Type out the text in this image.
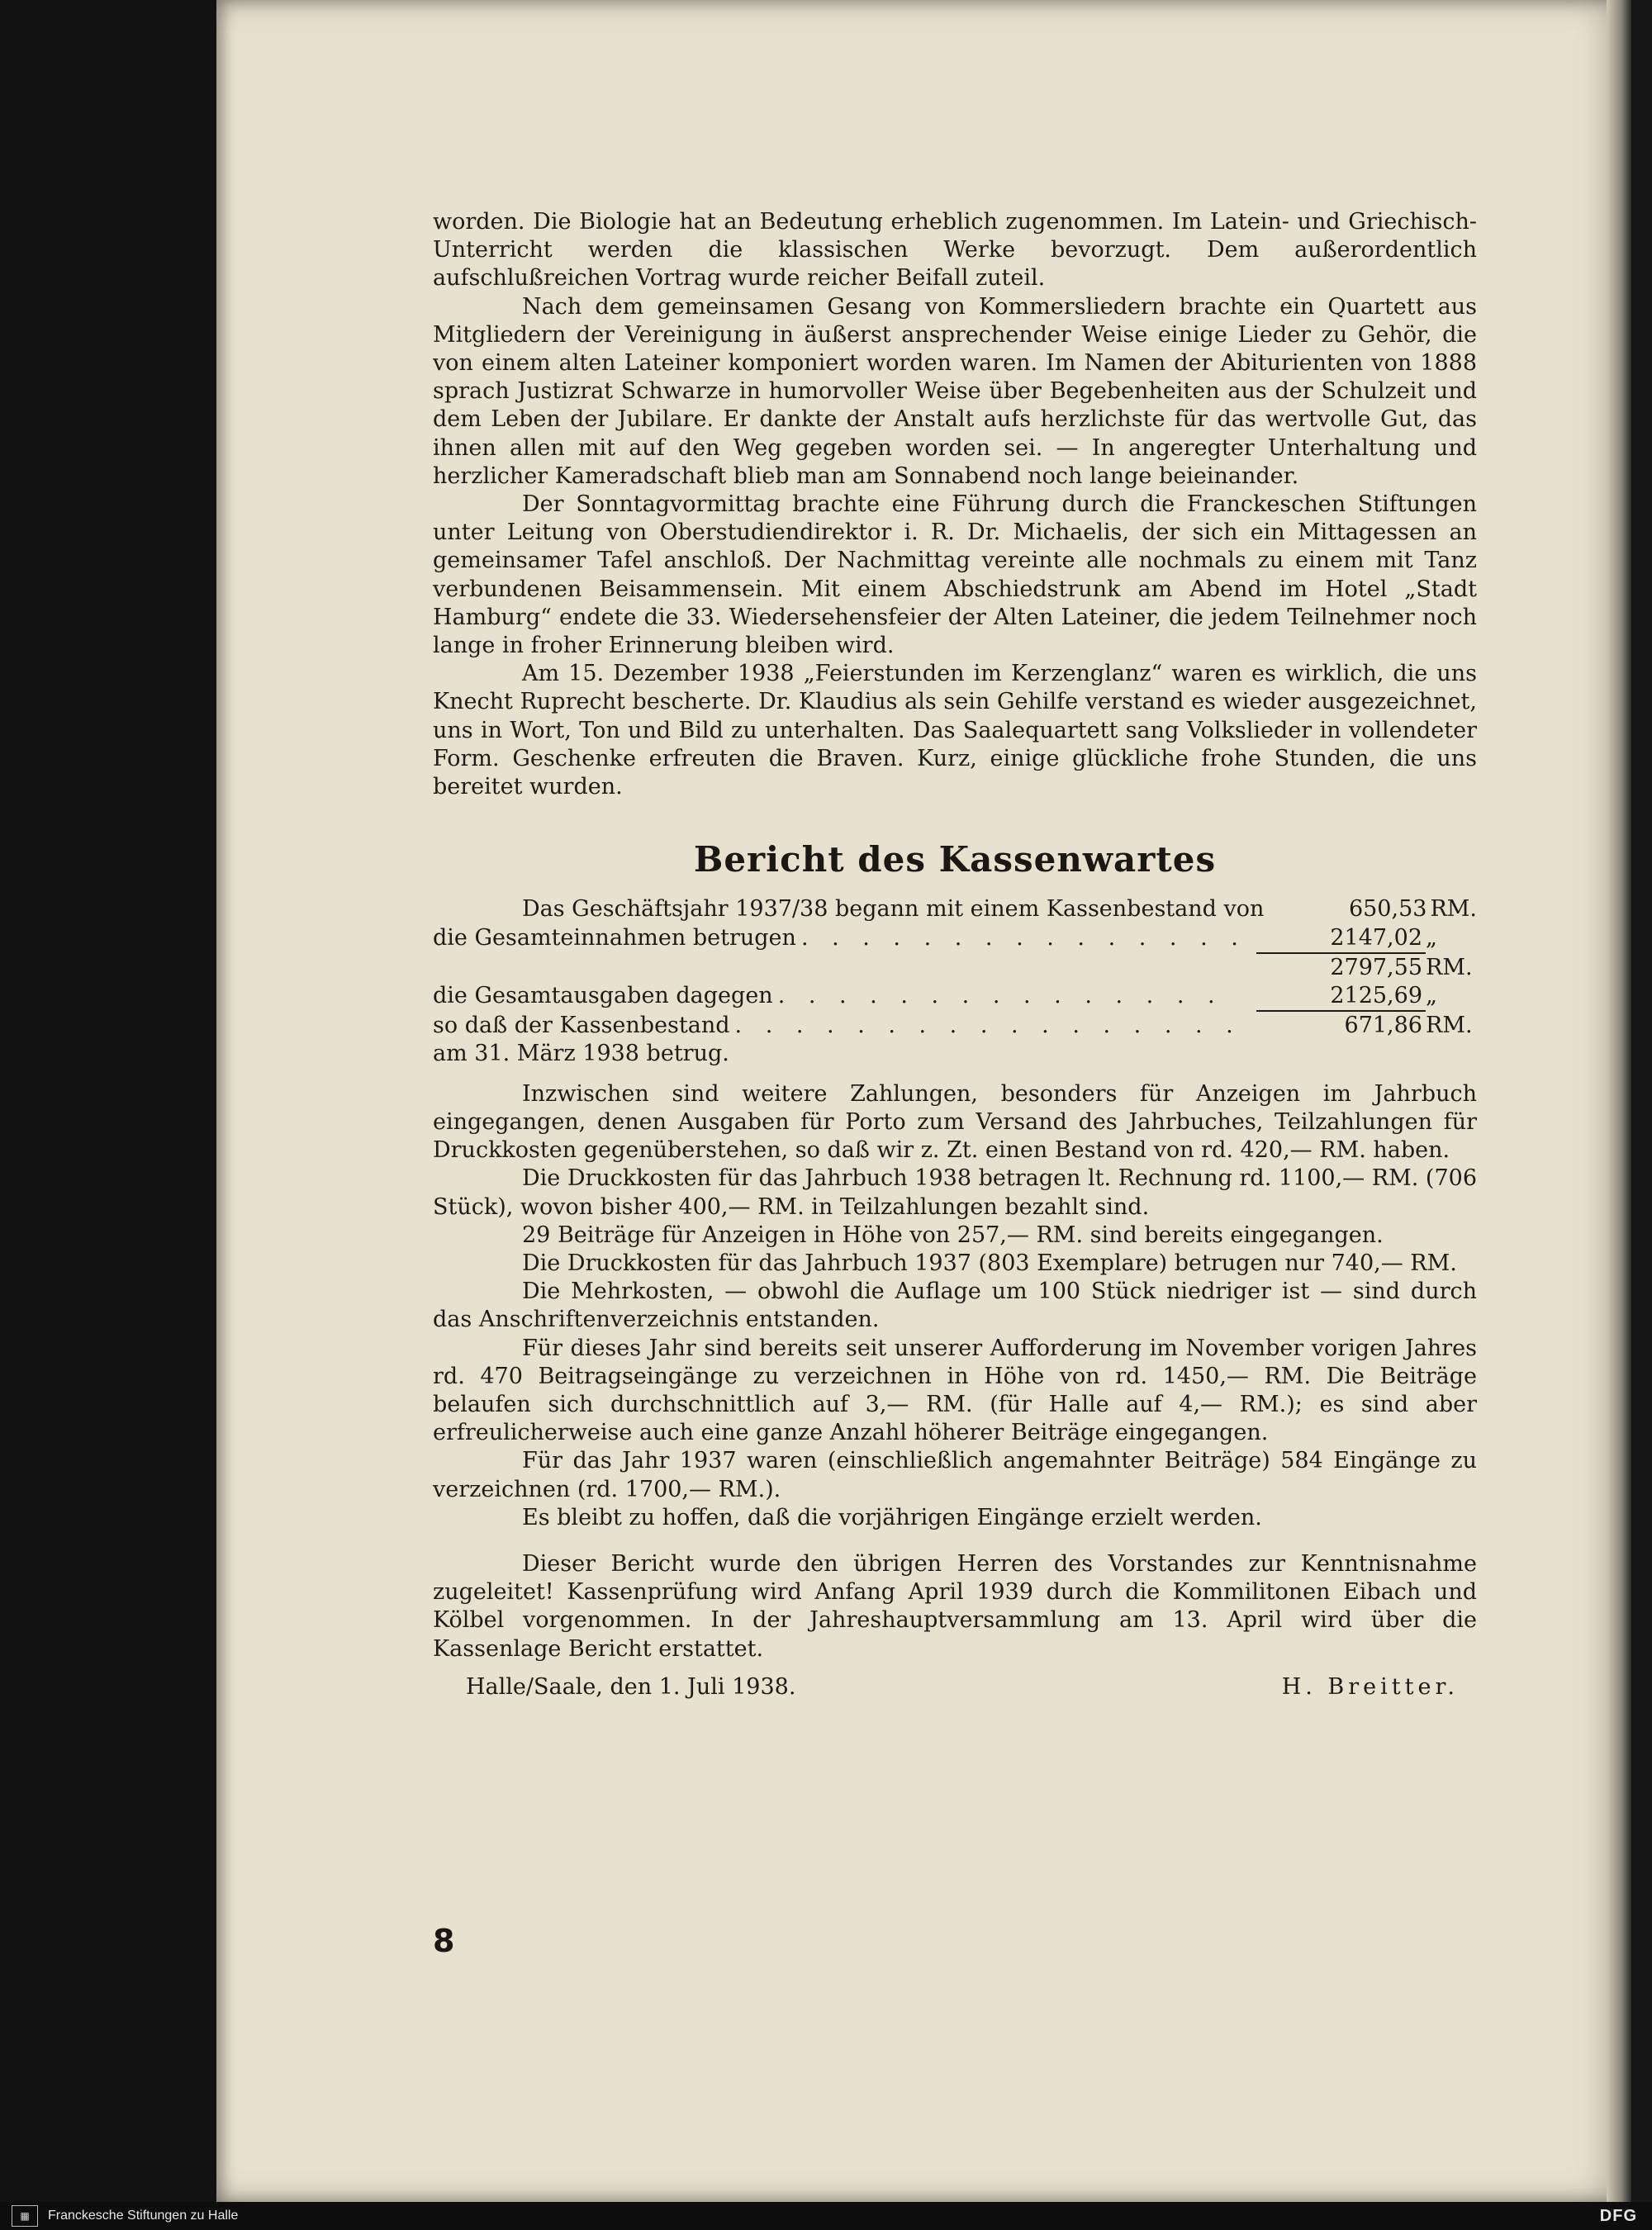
worden. Die Biologie hat an Bedeutung erheblich zugenommen. Im Latein- und Griechisch-Unterricht werden die klassischen Werke bevorzugt. Dem außerordentlich aufschlußreichen Vortrag wurde reicher Beifall zuteil.

Nach dem gemeinsamen Gesang von Kommersliedern brachte ein Quartett aus Mitgliedern der Vereinigung in äußerst ansprechender Weise einige Lieder zu Gehör, die von einem alten Lateiner komponiert worden waren. Im Namen der Abiturienten von 1888 sprach Justizrat Schwarze in humorvoller Weise über Begebenheiten aus der Schulzeit und dem Leben der Jubilare. Er dankte der Anstalt aufs herzlichste für das wertvolle Gut, das ihnen allen mit auf den Weg gegeben worden sei. — In angeregter Unterhaltung und herzlicher Kameradschaft blieb man am Sonnabend noch lange beieinander.

Der Sonntagvormittag brachte eine Führung durch die Franckeschen Stiftungen unter Leitung von Oberstudiendirektor i. R. Dr. Michaelis, der sich ein Mittagessen an gemeinsamer Tafel anschloß. Der Nachmittag vereinte alle nochmals zu einem mit Tanz verbundenen Beisammensein. Mit einem Abschiedstrunk am Abend im Hotel „Stadt Hamburg“ endete die 33. Wiedersehensfeier der Alten Lateiner, die jedem Teilnehmer noch lange in froher Erinnerung bleiben wird.

Am 15. Dezember 1938 „Feierstunden im Kerzenglanz“ waren es wirklich, die uns Knecht Ruprecht bescherte. Dr. Klaudius als sein Gehilfe verstand es wieder ausgezeichnet, uns in Wort, Ton und Bild zu unterhalten. Das Saalequartett sang Volkslieder in vollendeter Form. Geschenke erfreuten die Braven. Kurz, einige glückliche frohe Stunden, die uns bereitet wurden.

Bericht des Kassenwartes
Das Geschäftsjahr 1937/38 begann mit einem Kassenbestand von	650,53 RM.
die Gesamteinnahmen betrugen . . . . . . . . . . . . . . .	2147,02 „
2797,55 RM.
die Gesamtausgaben dagegen . . . . . . . . . . . . . . .	2125,69 „
so daß der Kassenbestand . . . . . . . . . . . . . . . . .	671,86 RM.
am 31. März 1938 betrug.

Inzwischen sind weitere Zahlungen, besonders für Anzeigen im Jahrbuch eingegangen, denen Ausgaben für Porto zum Versand des Jahrbuches, Teilzahlungen für Druckkosten gegenüberstehen, so daß wir z. Zt. einen Bestand von rd. 420,— RM. haben.

Die Druckkosten für das Jahrbuch 1938 betragen lt. Rechnung rd. 1100,— RM. (706 Stück), wovon bisher 400,— RM. in Teilzahlungen bezahlt sind.

29 Beiträge für Anzeigen in Höhe von 257,— RM. sind bereits eingegangen.

Die Druckkosten für das Jahrbuch 1937 (803 Exemplare) betrugen nur 740,— RM.

Die Mehrkosten, — obwohl die Auflage um 100 Stück niedriger ist — sind durch das Anschriftenverzeichnis entstanden.

Für dieses Jahr sind bereits seit unserer Aufforderung im November vorigen Jahres rd. 470 Beitragseingänge zu verzeichnen in Höhe von rd. 1450,— RM. Die Beiträge belaufen sich durchschnittlich auf 3,— RM. (für Halle auf 4,— RM.); es sind aber erfreulicherweise auch eine ganze Anzahl höherer Beiträge eingegangen.

Für das Jahr 1937 waren (einschließlich angemahnter Beiträge) 584 Eingänge zu verzeichnen (rd. 1700,— RM.).

Es bleibt zu hoffen, daß die vorjährigen Eingänge erzielt werden.

Dieser Bericht wurde den übrigen Herren des Vorstandes zur Kenntnisnahme zugeleitet! Kassenprüfung wird Anfang April 1939 durch die Kommilitonen Eibach und Kölbel vorgenommen. In der Jahreshauptversammlung am 13. April wird über die Kassenlage Bericht erstattet.

Halle/Saale, den 1. Juli 1938.	H. Breitter.
8
▦	Franckesche Stiftungen zu Halle	DFG
